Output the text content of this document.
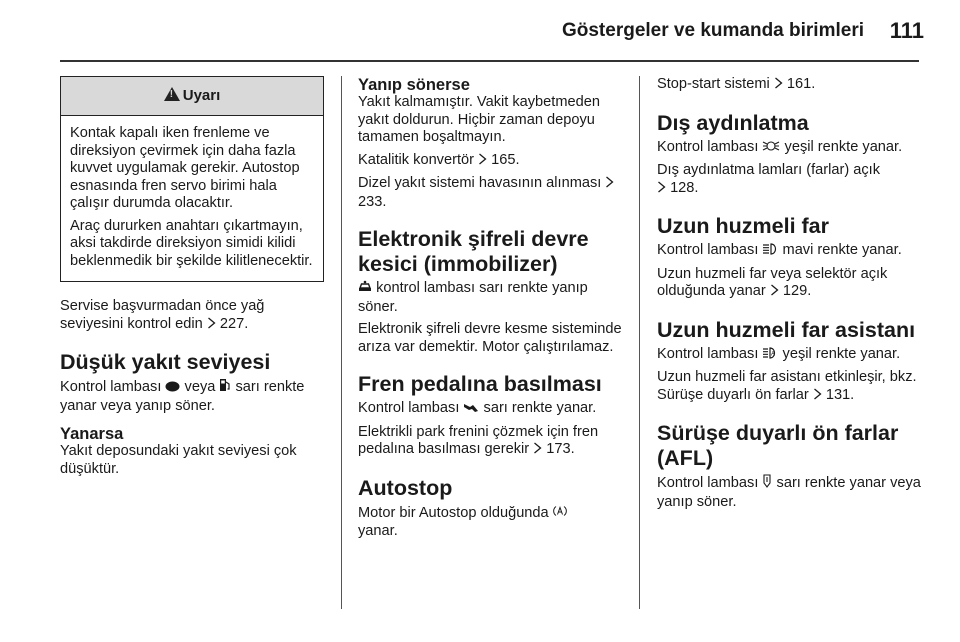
Göstergeler ve kumanda birimleri 111
!Uyarı

Kontak kapalı iken frenleme ve direksiyon çevirmek için daha fazla kuvvet uygulamak gerekir. Autostop esnasında fren servo birimi hala çalışır durumda olacaktır.

Araç dururken anahtarı çıkartmayın, aksi takdirde direksiyon simidi kilidi beklenmedik bir şekilde kilitlenecektir.

Servise başvurmadan önce yağ seviyesini kontrol edin 227.

Düşük yakıt seviyesi

Kontrol lambası veya sarı renkte yanar veya yanıp söner.

Yanarsa

Yakıt deposundaki yakıt seviyesi çok düşüktür.

Yanıp sönerse

Yakıt kalmamıştır. Vakit kaybetmeden yakıt doldurun. Hiçbir zaman depoyu tamamen boşaltmayın.

Katalitik konvertör 165.

Dizel yakıt sistemi havasının alınması  233.

Elektronik şifreli devre kesici (immobilizer)

kontrol lambası sarı renkte yanıp söner.

Elektronik şifreli devre kesme sisteminde arıza var demektir. Motor çalıştırılamaz.

Fren pedalına basılması

Kontrol lambası sarı renkte yanar.

Elektrikli park frenini çözmek için fren pedalına basılması gerekir 173.

Autostop

Motor bir Autostop olduğunda
yanar.

Stop-start sistemi 161.

Dış aydınlatma

Kontrol lambası yeşil renkte yanar.

Dış aydınlatma lamları (farlar) açık
128.

Uzun huzmeli far

Kontrol lambası mavi renkte yanar.

Uzun huzmeli far veya selektör açık olduğunda yanar 129.

Uzun huzmeli far asistanı

Kontrol lambası A yeşil renkte yanar.

Uzun huzmeli far asistanı etkinleşir, bkz. Sürüşe duyarlı ön farlar 131.

Sürüşe duyarlı ön farlar (AFL)

Kontrol lambası sarı renkte yanar veya yanıp söner.
